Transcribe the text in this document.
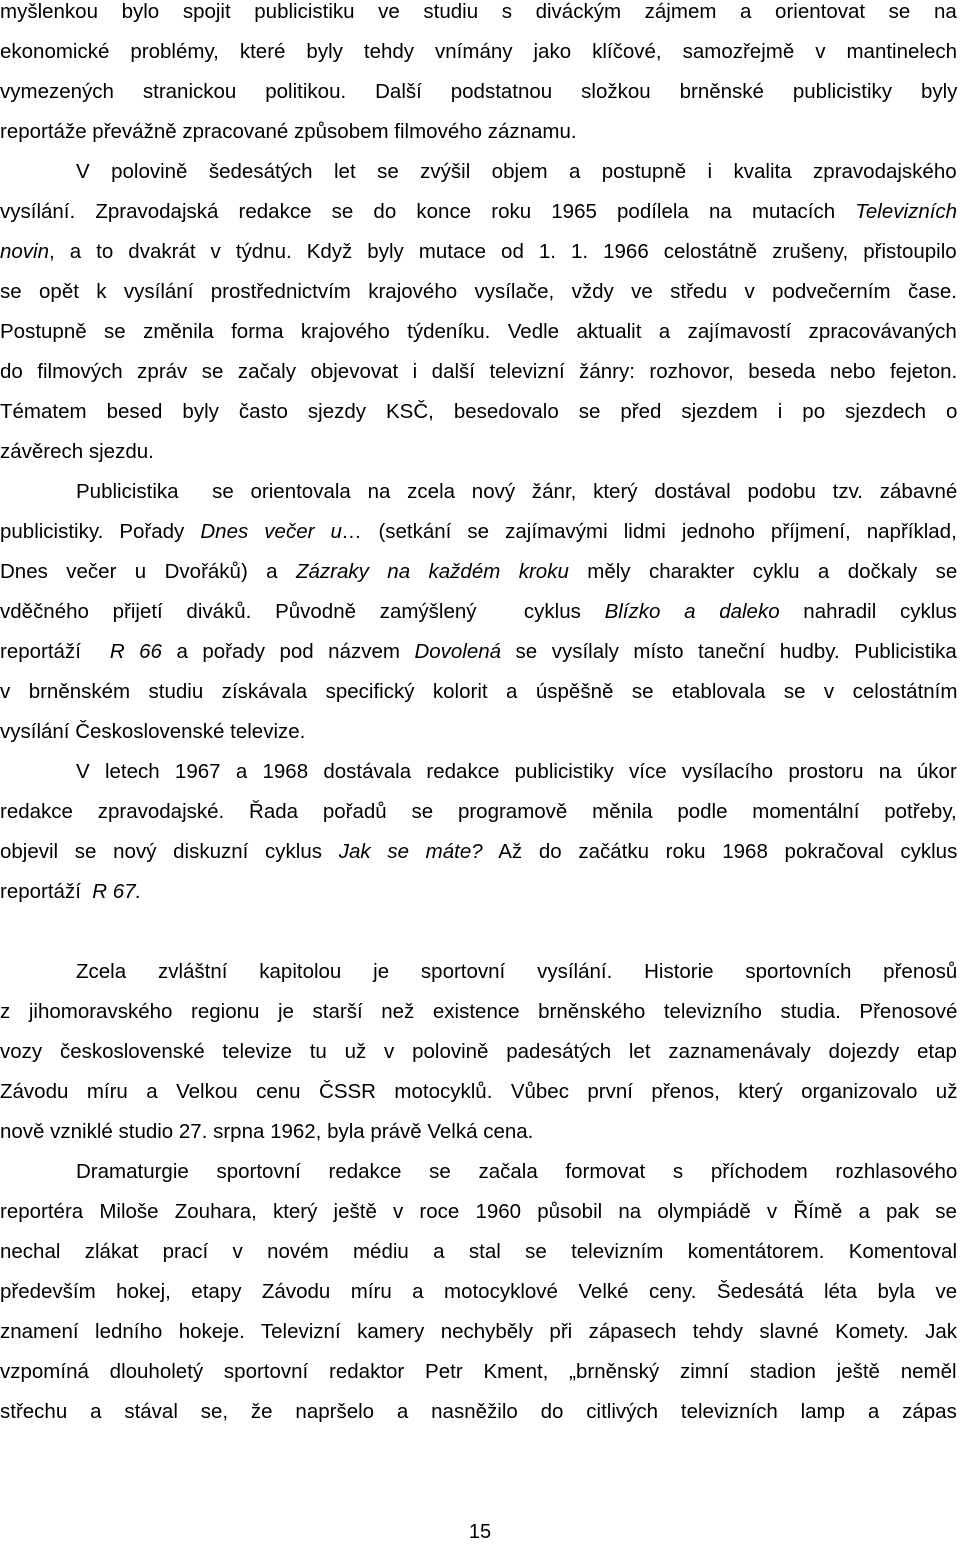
myšlenkou bylo spojit publicistiku ve studiu s divácký m zájmem a orientovat se na
ekonomické problémy, které byly tehdy vnímány jako klíčové, samozřejmě v mantinelech
vymezených stranickou politikou. Další podstatnou složkou brněnské publicistiky byly
reportáže převážně zpracované způsobem filmového záznamu.
V polovině šedesátých let se zvýšil objem a postupně i kvalita zpravodajského
vysílání. Zpravodajská redakce se do konce roku 1965 podílela na mutacích Televizních
novin , a to dvakrát v týdnu. Když byly mutace od 1. 1. 1966 celostátně zrušeny, přistoupilo
se opět k vysílání prostřednictvím krajového vysílače, vždy ve středu v podvečerním čase.
Postupně se změnila forma krajového týdeníku. Vedle aktualit a zajímavostí zpracovávaných
do filmových zpráv se začaly objevovat i další televizní žánry: rozhovor, beseda nebo fejeton.
Tématem besed byly často sjezdy KSČ, besedovalo se před sjezdem i po sjezdech o
závěrech sjezdu.
Publicistika  se orientovala na zcela nový žánr, který dostával podobu tzv. zábavné
publicistiky. Pořady Dnes večer u… (setkání se zajímavými lidmi jednoho příjmení, například,
Dnes večer u Dvořáků) a Zázraky na každém kroku měly charakter cyklu a dočkaly se
vděčného přijetí diváků. Původně zamýšlený  cyklus Blízko a daleko nahradil cyklus
reportáží R 66 a pořady pod názvem Dovolená se vysílaly místo taneční hudby. Publicistika
v brněnském studiu získávala specifický kolorit a úspěšně se etablovala se v celostátním
vysílání Československé televize.
V letech 1967 a 1968 dostávala redakce publicistiky více vysílacího prostoru na úkor
redakce zpravodajské. Řada pořadů se programově měnila podle momentální potřeby,
objevil se nový diskuzní cyklus Jak se máte? Až do začátku roku 1968 pokračoval cyklus
reportáží R 67.
Zcela zvláštní kapitolou je sportovní vysílání. Historie sportovních přenosů
z jihomoravského regionu je starší než existence brněnského televizního studia. Přenosové
vozy československé televize tu už v polovině padesátých let zaznamenávaly dojezdy etap
Závodu míru a Velkou cenu ČSSR motocyklů. Vůbec první přenos, který organizovalo už
nově vzniklé studio 27. srpna 1962, byla právě Velká cena.
Dramaturgie sportovní redakce se začala formovat s příchodem rozhlasového
reportéra Miloše Zouhara, který ještě v roce 1960 působil na olympiádě v Římě a pak se
nechal zlákat prací v novém médiu a stal se televizním komentátorem. Komentoval
především hokej, etapy Závodu míru a motocyklové Velké ceny. Šedesátá léta byla ve
znamení ledního hokeje. Televizní kamery nechyběly při zápasech tehdy slavné Komety. Jak
vzpomíná dlouholetý sportovní redaktor Petr Kment, „brněnský zimní stadion ještě neměl
střechu a stával se, že napršelo a nasněžilo do citlivých televizních lamp a zápas
15
